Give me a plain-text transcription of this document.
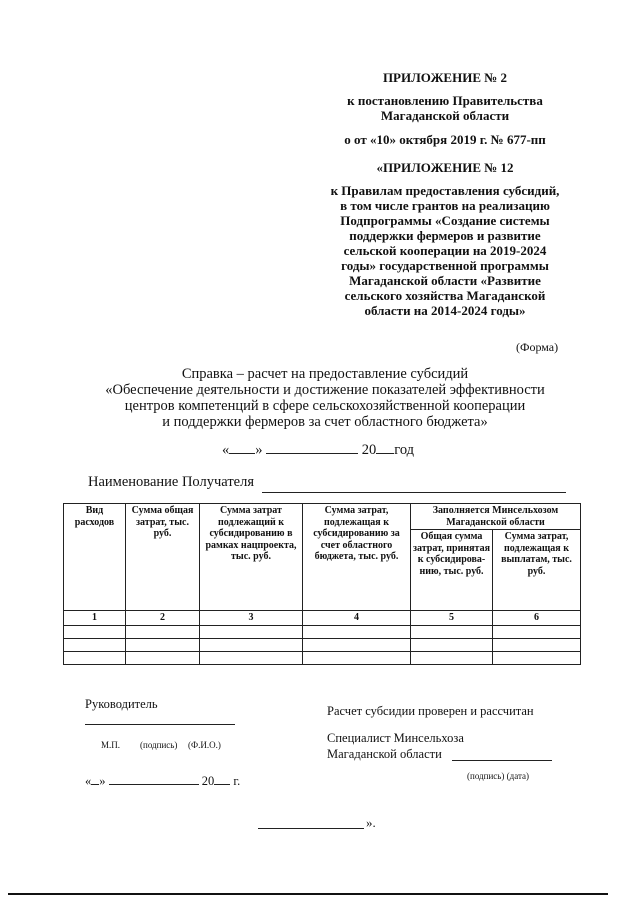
ПРИЛОЖЕНИЕ № 2
к постановлению Правительства
Магаданской области
о от «10» октября 2019 г. № 677-пп
«ПРИЛОЖЕНИЕ № 12
к Правилам предоставления субсидий,
в том числе грантов на реализацию
Подпрограммы «Создание системы
поддержки фермеров и развитие
сельской кооперации на 2019-2024
годы» государственной программы
Магаданской области «Развитие
сельского хозяйства Магаданской
области на 2014-2024 годы»
(Форма)
Справка – расчет на предоставление субсидий
«Обеспечение деятельности и достижение показателей эффективности
центров компетенций в сфере сельскохозяйственной кооперации
и поддержки фермеров за счет областного бюджета»
« »	20 год
Наименование Получателя
Вид расходов	Сумма общая затрат, тыс. руб.	Сумма затрат подлежащий к субсидированию в рамках нацпроекта, тыс. руб.	Сумма затрат, подлежащая к субсидированию за счет областного бюджета, тыс. руб.	Заполняется Минсельхозом Магаданской области	
				Общая сумма затрат, принятая к субсидирова-нию, тыс. руб.	Сумма затрат, подлежащая к выплатам, тыс. руб.
1	2	3	4	5	6

Руководитель
М.П. (подпись) (Ф.И.О.)
« »	20 г.
Расчет субсидии проверен и рассчитан
Специалист Минсельхоза
Магаданской области
(подпись) (дата)
».
